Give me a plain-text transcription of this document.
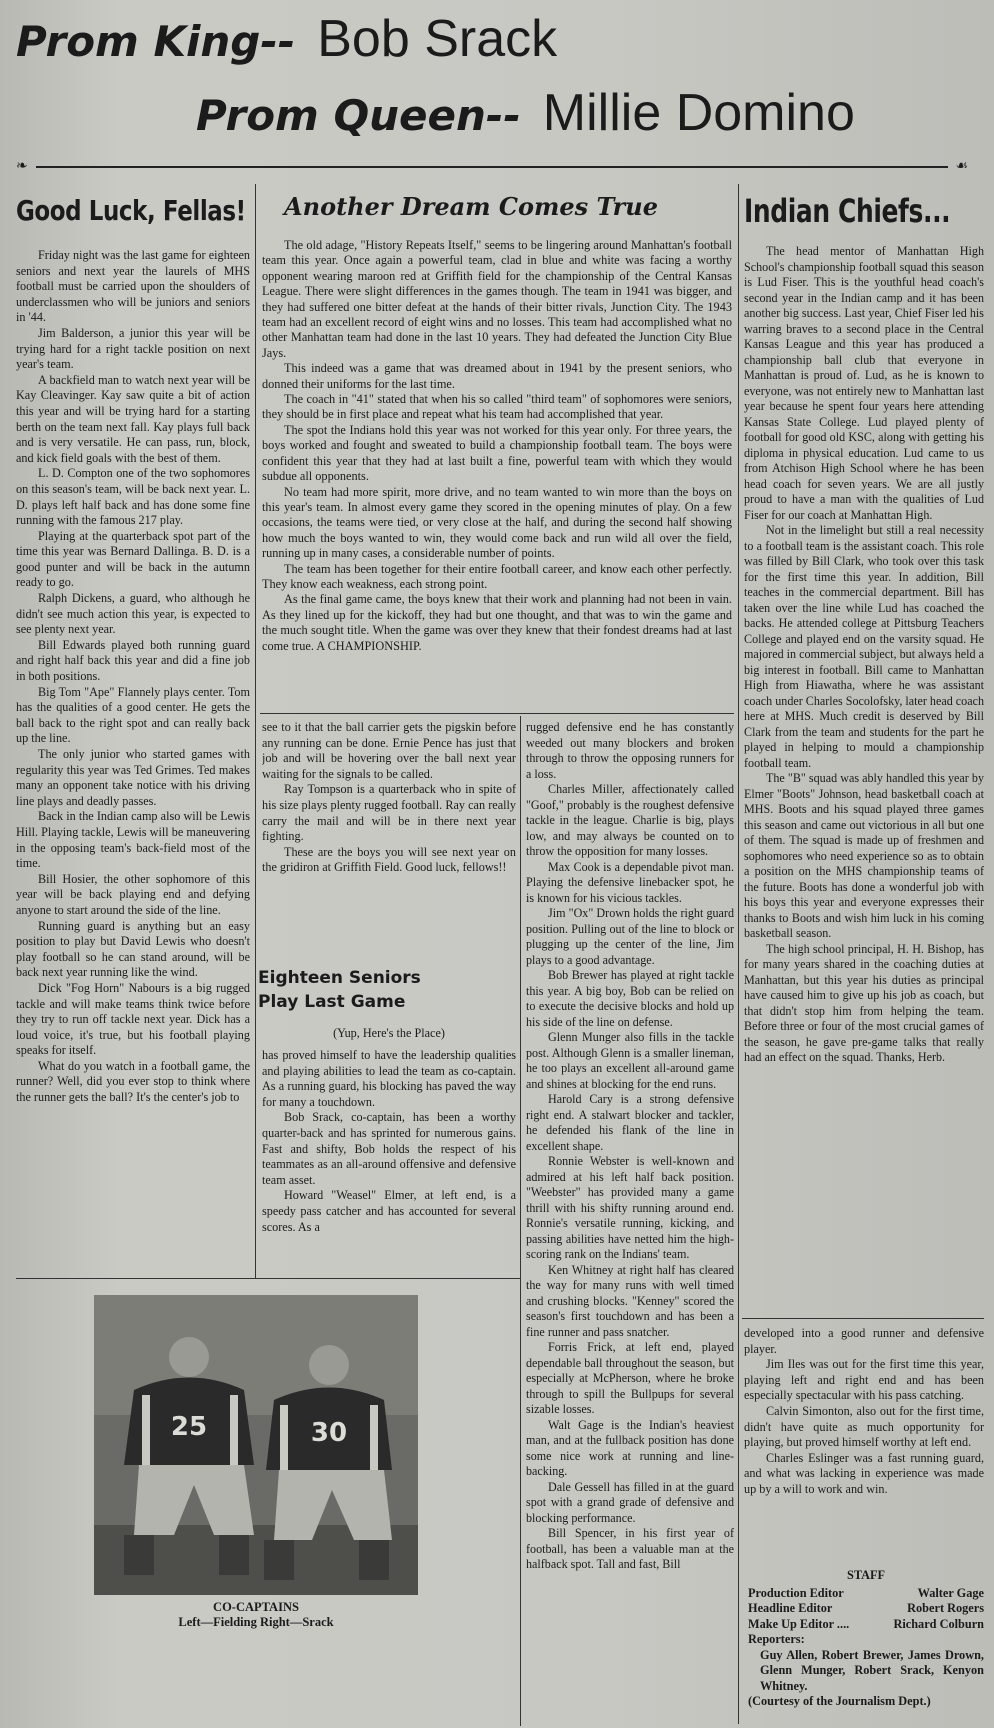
Prom King-- Bob Srack
Prom Queen-- Millie Domino
❧	☙
Good Luck, Fellas!

Friday night was the last game for eighteen seniors and next year the laurels of MHS football must be carried upon the shoulders of underclassmen who will be juniors and seniors in '44.

Jim Balderson, a junior this year will be trying hard for a right tackle position on next year's team.

A backfield man to watch next year will be Kay Cleavinger. Kay saw quite a bit of action this year and will be trying hard for a starting berth on the team next fall. Kay plays full back and is very versatile. He can pass, run, block, and kick field goals with the best of them.

L. D. Compton one of the two sophomores on this season's team, will be back next year. L. D. plays left half back and has done some fine running with the famous 217 play.

Playing at the quarterback spot part of the time this year was Bernard Dallinga. B. D. is a good punter and will be back in the autumn ready to go.

Ralph Dickens, a guard, who although he didn't see much action this year, is expected to see plenty next year.

Bill Edwards played both running guard and right half back this year and did a fine job in both positions.

Big Tom "Ape" Flannely plays center. Tom has the qualities of a good center. He gets the ball back to the right spot and can really back up the line.

The only junior who started games with regularity this year was Ted Grimes. Ted makes many an opponent take notice with his driving line plays and deadly passes.

Back in the Indian camp also will be Lewis Hill. Playing tackle, Lewis will be maneuvering in the opposing team's back-field most of the time.

Bill Hosier, the other sophomore of this year will be back playing end and defying anyone to start around the side of the line.

Running guard is anything but an easy position to play but David Lewis who doesn't play football so he can stand around, will be back next year running like the wind.

Dick "Fog Horn" Nabours is a big rugged tackle and will make teams think twice before they try to run off tackle next year. Dick has a loud voice, it's true, but his football playing speaks for itself.

What do you watch in a football game, the runner? Well, did you ever stop to think where the runner gets the ball? It's the center's job to

Another Dream Comes True

The old adage, "History Repeats Itself," seems to be lingering around Manhattan's football team this year. Once again a powerful team, clad in blue and white was facing a worthy opponent wearing maroon red at Griffith field for the championship of the Central Kansas League. There were slight differences in the games though. The team in 1941 was bigger, and they had suffered one bitter defeat at the hands of their bitter rivals, Junction City. The 1943 team had an excellent record of eight wins and no losses. This team had accomplished what no other Manhattan team had done in the last 10 years. They had defeated the Junction City Blue Jays.

This indeed was a game that was dreamed about in 1941 by the present seniors, who donned their uniforms for the last time.

The coach in "41" stated that when his so called "third team" of sophomores were seniors, they should be in first place and repeat what his team had accomplished that year.

The spot the Indians hold this year was not worked for this year only. For three years, the boys worked and fought and sweated to build a championship football team. The boys were confident this year that they had at last built a fine, powerful team with which they would subdue all opponents.

No team had more spirit, more drive, and no team wanted to win more than the boys on this year's team. In almost every game they scored in the opening minutes of play. On a few occasions, the teams were tied, or very close at the half, and during the second half showing how much the boys wanted to win, they would come back and run wild all over the field, running up in many cases, a considerable number of points.

The team has been together for their entire football career, and know each other perfectly. They know each weakness, each strong point.

As the final game came, the boys knew that their work and planning had not been in vain. As they lined up for the kickoff, they had but one thought, and that was to win the game and the much sought title. When the game was over they knew that their fondest dreams had at last come true. A CHAMPIONSHIP.

see to it that the ball carrier gets the pigskin before any running can be done. Ernie Pence has just that job and will be hovering over the ball next year waiting for the signals to be called.

Ray Tompson is a quarterback who in spite of his size plays plenty rugged football. Ray can really carry the mail and will be in there next year fighting.

These are the boys you will see next year on the gridiron at Griffith Field. Good luck, fellows!!

Eighteen Seniors Play Last Game
(Yup, Here's the Place)

has proved himself to have the leadership qualities and playing abilities to lead the team as co-captain. As a running guard, his blocking has paved the way for many a touchdown.

Bob Srack, co-captain, has been a worthy quarter-back and has sprinted for numerous gains. Fast and shifty, Bob holds the respect of his teammates as an all-around offensive and defensive team asset.

Howard "Weasel" Elmer, at left end, is a speedy pass catcher and has accounted for several scores. As a

rugged defensive end he has constantly weeded out many blockers and broken through to throw the opposing runners for a loss.

Charles Miller, affectionately called "Goof," probably is the roughest defensive tackle in the league. Charlie is big, plays low, and may always be counted on to throw the opposition for many losses.

Max Cook is a dependable pivot man. Playing the defensive linebacker spot, he is known for his vicious tackles.

Jim "Ox" Drown holds the right guard position. Pulling out of the line to block or plugging up the center of the line, Jim plays to a good advantage.

Bob Brewer has played at right tackle this year. A big boy, Bob can be relied on to execute the decisive blocks and hold up his side of the line on defense.

Glenn Munger also fills in the tackle post. Although Glenn is a smaller lineman, he too plays an excellent all-around game and shines at blocking for the end runs.

Harold Cary is a strong defensive right end. A stalwart blocker and tackler, he defended his flank of the line in excellent shape.

Ronnie Webster is well-known and admired at his left half back position. "Weebster" has provided many a game thrill with his shifty running around end. Ronnie's versatile running, kicking, and passing abilities have netted him the high-scoring rank on the Indians' team.

Ken Whitney at right half has cleared the way for many runs with well timed and crushing blocks. "Kenney" scored the season's first touchdown and has been a fine runner and pass snatcher.

Forris Frick, at left end, played dependable ball throughout the season, but especially at McPherson, where he broke through to spill the Bullpups for several sizable losses.

Walt Gage is the Indian's heaviest man, and at the fullback position has done some nice work at running and line-backing.

Dale Gessell has filled in at the guard spot with a grand grade of defensive and blocking performance.

Bill Spencer, in his first year of football, has been a valuable man at the halfback spot. Tall and fast, Bill

Indian Chiefs...

The head mentor of Manhattan High School's championship football squad this season is Lud Fiser. This is the youthful head coach's second year in the Indian camp and it has been another big success. Last year, Chief Fiser led his warring braves to a second place in the Central Kansas League and this year has produced a championship ball club that everyone in Manhattan is proud of. Lud, as he is known to everyone, was not entirely new to Manhattan last year because he spent four years here attending Kansas State College. Lud played plenty of football for good old KSC, along with getting his diploma in physical education. Lud came to us from Atchison High School where he has been head coach for seven years. We are all justly proud to have a man with the qualities of Lud Fiser for our coach at Manhattan High.

Not in the limelight but still a real necessity to a football team is the assistant coach. This role was filled by Bill Clark, who took over this task for the first time this year. In addition, Bill teaches in the commercial department. Bill has taken over the line while Lud has coached the backs. He attended college at Pittsburg Teachers College and played end on the varsity squad. He majored in commercial subject, but always held a big interest in football. Bill came to Manhattan High from Hiawatha, where he was assistant coach under Charles Socolofsky, later head coach here at MHS. Much credit is deserved by Bill Clark from the team and students for the part he played in helping to mould a championship football team.

The "B" squad was ably handled this year by Elmer "Boots" Johnson, head basketball coach at MHS. Boots and his squad played three games this season and came out victorious in all but one of them. The squad is made up of freshmen and sophomores who need experience so as to obtain a position on the MHS championship teams of the future. Boots has done a wonderful job with his boys this year and everyone expresses their thanks to Boots and wish him luck in his coming basketball season.

The high school principal, H. H. Bishop, has for many years shared in the coaching duties at Manhattan, but this year his duties as principal have caused him to give up his job as coach, but that didn't stop him from helping the team. Before three or four of the most crucial games of the season, he gave pre-game talks that really had an effect on the squad. Thanks, Herb.

developed into a good runner and defensive player.

Jim Iles was out for the first time this year, playing left and right end and has been especially spectacular with his pass catching.

Calvin Simonton, also out for the first time, didn't have quite as much opportunity for playing, but proved himself worthy at left end.

Charles Eslinger was a fast running guard, and what was lacking in experience was made up by a will to work and win.

STAFF
Production Editor	Walter Gage
Headline Editor	Robert Rogers
Make Up Editor ....	Richard Colburn
Reporters:
Guy Allen, Robert Brewer, James Drown, Glenn Munger, Robert Srack, Kenyon Whitney.
(Courtesy of the Journalism Dept.)
25	30
CO-CAPTAINS
Left—Fielding Right—Srack
